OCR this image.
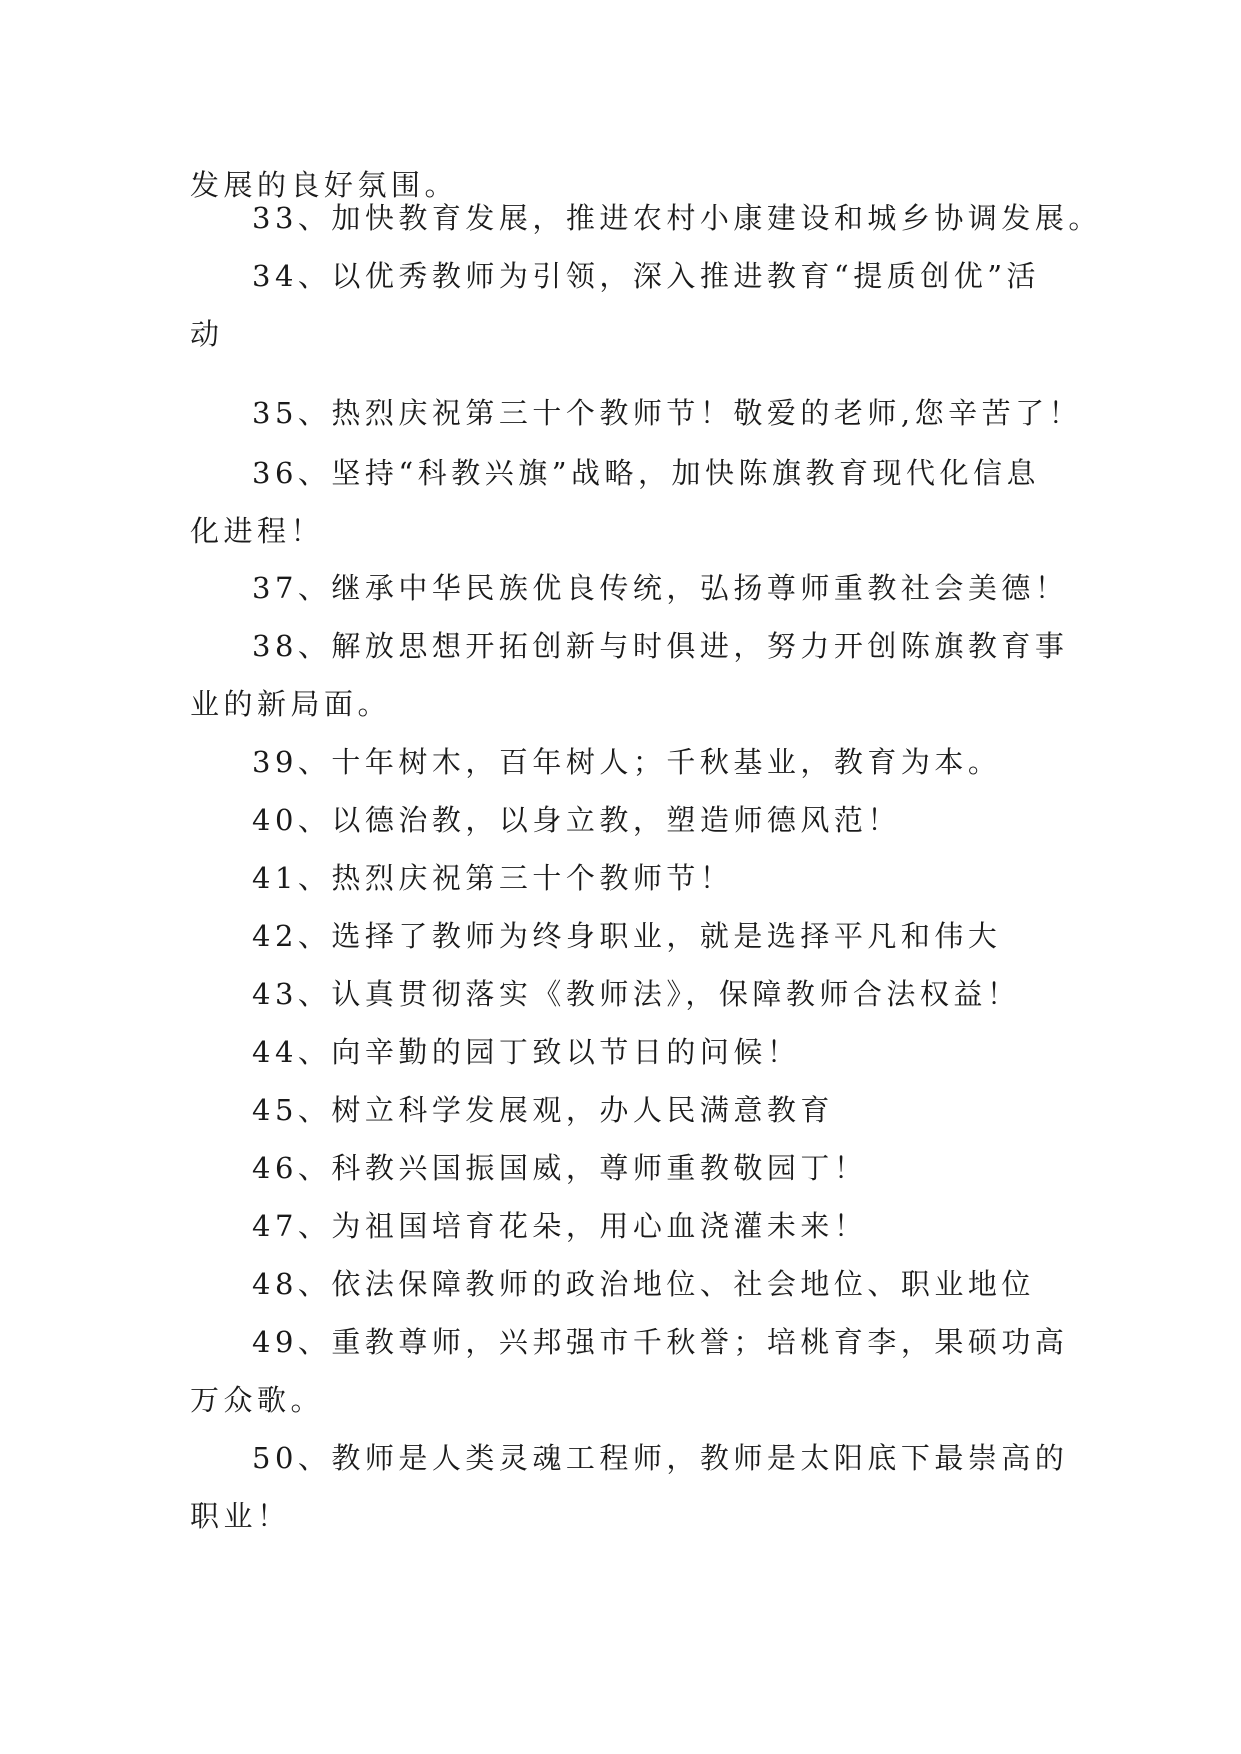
发展的良好氛围。
33、加快教育发展，推进农村小康建设和城乡协调发展。
34、以优秀教师为引领，深入推进教育“提质创优”活
动
35、热烈庆祝第三十个教师节！敬爱的老师,您辛苦了！
36、坚持“科教兴旗”战略，加快陈旗教育现代化信息
化进程！
37、继承中华民族优良传统，弘扬尊师重教社会美德！
38、解放思想开拓创新与时俱进，努力开创陈旗教育事
业的新局面。
39、十年树木，百年树人；千秋基业，教育为本。
40、以德治教，以身立教，塑造师德风范！
41、热烈庆祝第三十个教师节！
42、选择了教师为终身职业，就是选择平凡和伟大
43、认真贯彻落实《教师法》，保障教师合法权益！
44、向辛勤的园丁致以节日的问候！
45、树立科学发展观，办人民满意教育
46、科教兴国振国威，尊师重教敬园丁！
47、为祖国培育花朵，用心血浇灌未来！
48、依法保障教师的政治地位、社会地位、职业地位
49、重教尊师，兴邦强市千秋誉；培桃育李，果硕功高
万众歌。
50、教师是人类灵魂工程师，教师是太阳底下最崇高的
职业！
